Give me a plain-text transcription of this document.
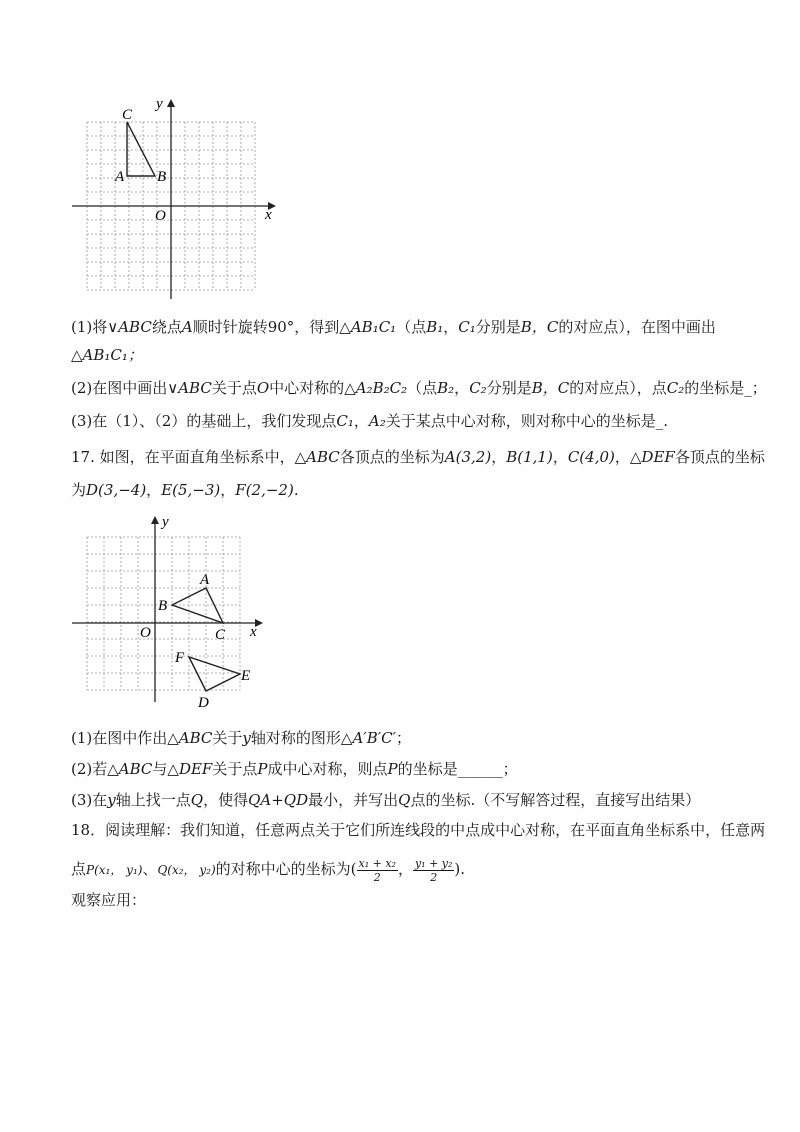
C
A B
O	x
y
(1)将∨ABC绕点A顺时针旋转90°，得到△AB₁C₁（点B₁，C₁分别是B，C的对应点），在图中画出
△AB₁C₁；
(2)在图中画出∨ABC关于点O中心对称的△A₂B₂C₂（点B₂，C₂分别是B，C的对应点），点C₂的坐标是_；
(3)在（1）、（2）的基础上，我们发现点C₁，A₂关于某点中心对称，则对称中心的坐标是_.
17. 如图，在平面直角坐标系中，△ABC各顶点的坐标为A(3,2)，B(1,1)，C(4,0)，△DEF各顶点的坐标
为D(3,−4)，E(5,−3)，F(2,−2).
A
B
C
O	x
y
F
E
D
(1)在图中作出△ABC关于y轴对称的图形△A′B′C′；
(2)若△ABC与△DEF关于点P成中心对称，则点P的坐标是______；
(3)在y轴上找一点Q，使得QA+QD最小，并写出Q点的坐标.（不写解答过程，直接写出结果）
18．阅读理解：我们知道，任意两点关于它们所连线段的中点成中心对称，在平面直角坐标系中，任意两
点P(x₁， y₁)、Q(x₂， y₂)的对称中心的坐标为( $\frac{\text{x₁ + x₂}}{2}$ ， $\frac{\text{y₁ + y₂}}{2}$ ).
观察应用：
